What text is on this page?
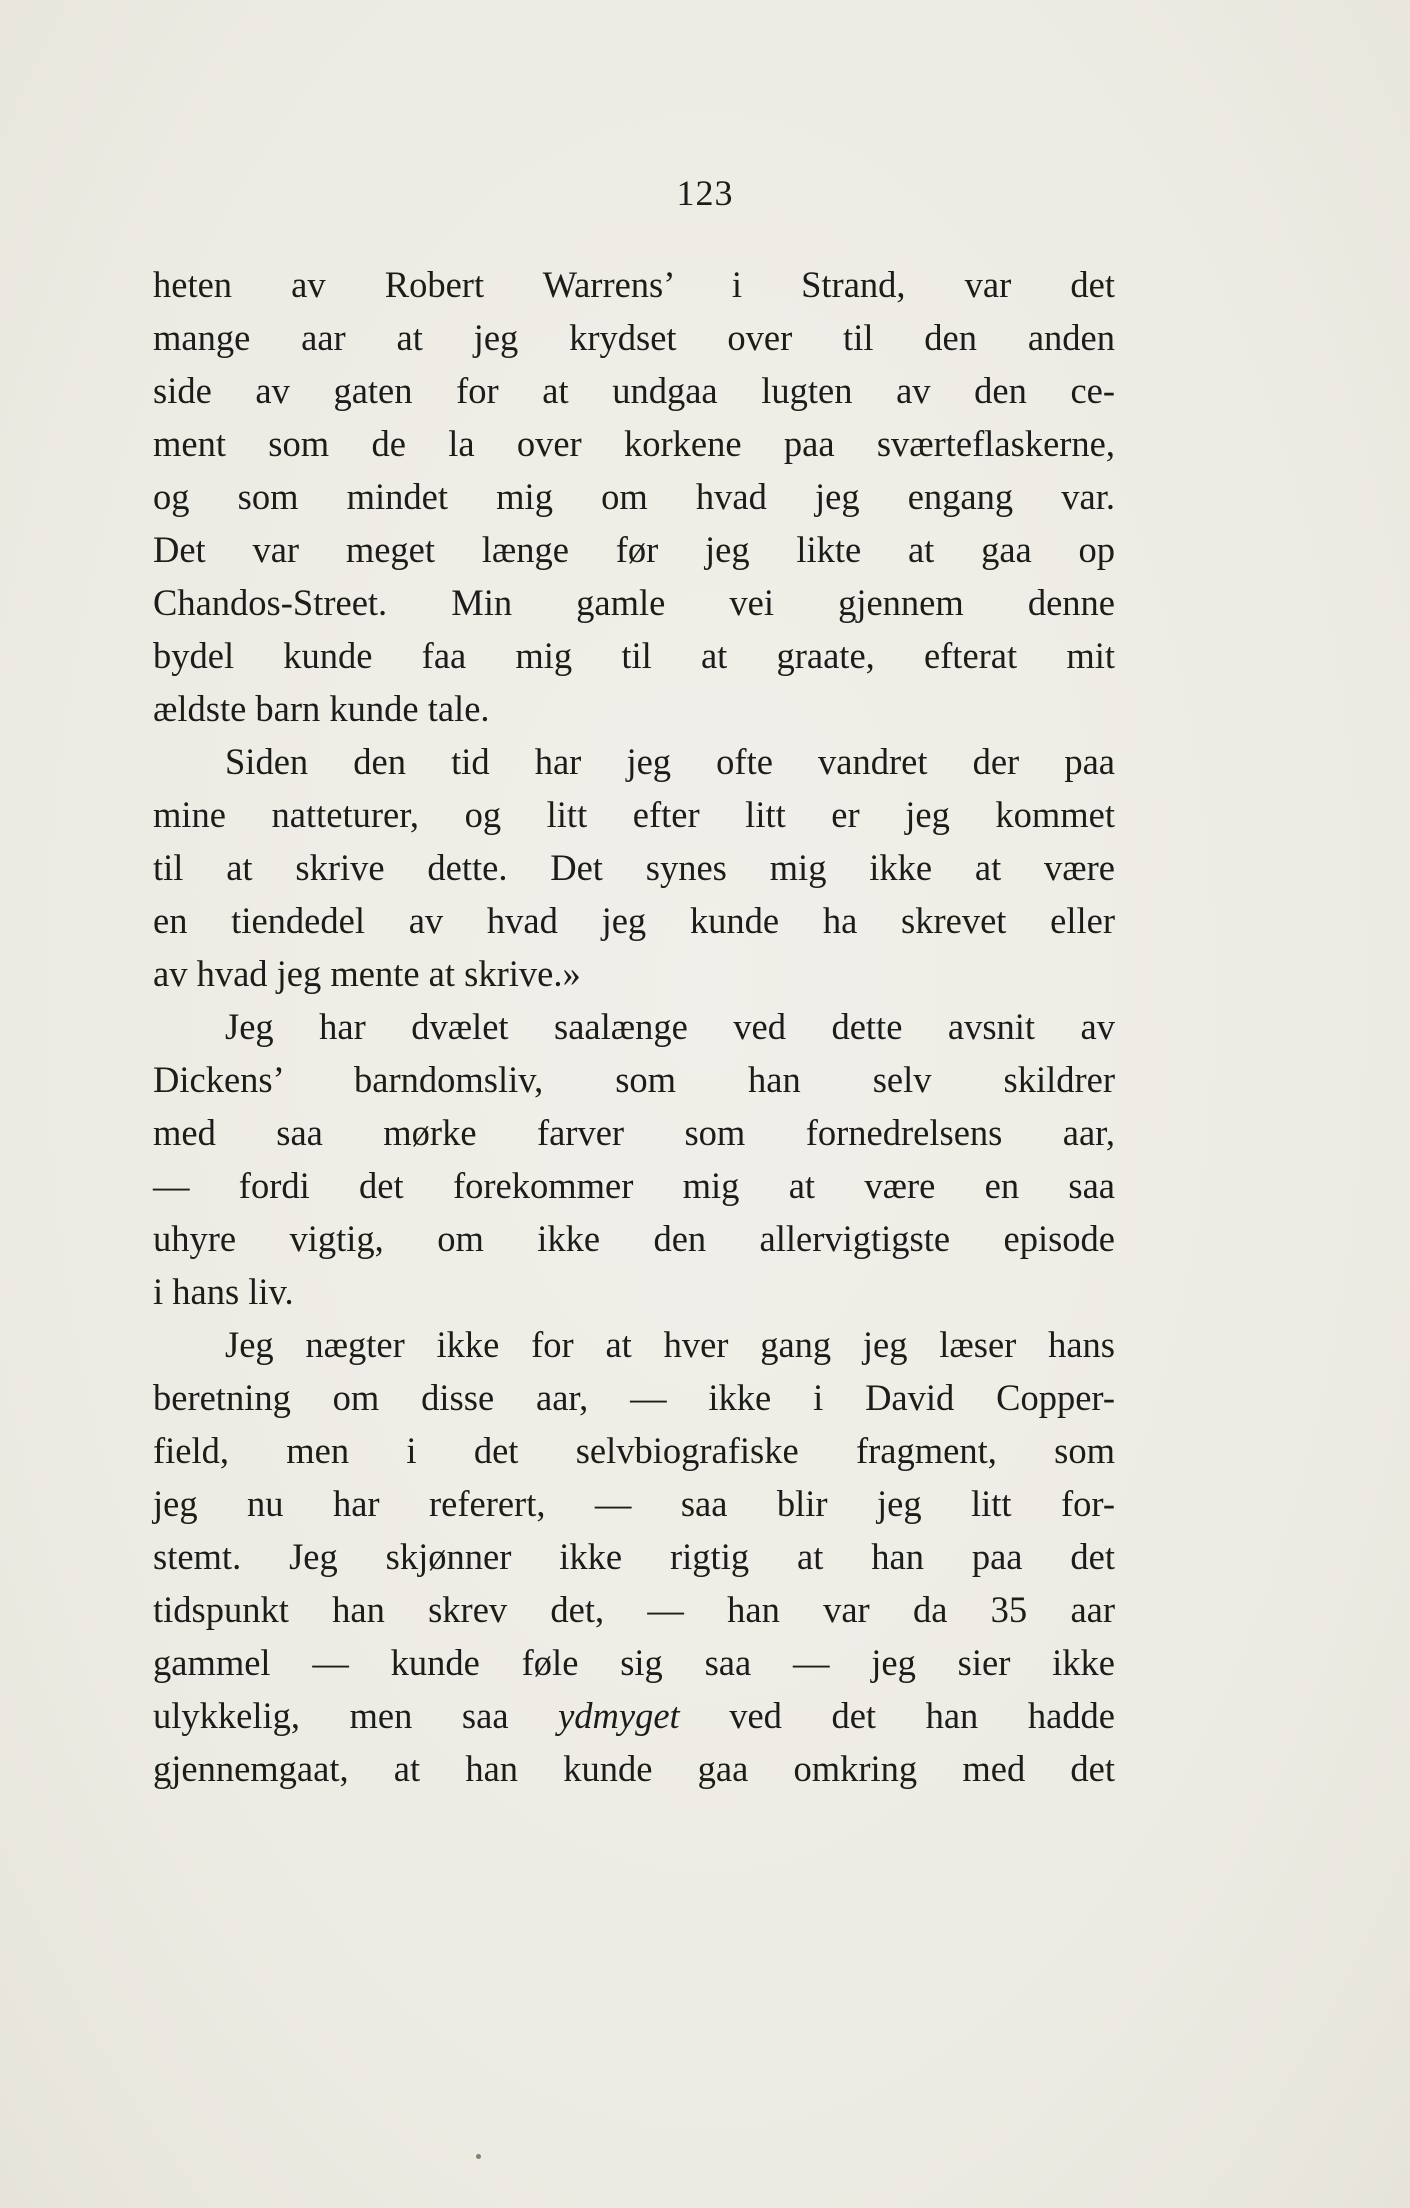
123
heten av Robert Warrens’ i Strand, var det
mange aar at jeg krydset over til den anden
side av gaten for at undgaa lugten av den ce-
ment som de la over korkene paa sværteflaskerne,
og som mindet mig om hvad jeg engang var.
Det var meget længe før jeg likte at gaa op
Chandos-Street. Min gamle vei gjennem denne
bydel kunde faa mig til at graate, efterat mit
ældste barn kunde tale.
Siden den tid har jeg ofte vandret der paa
mine natteturer, og litt efter litt er jeg kommet
til at skrive dette. Det synes mig ikke at være
en tiendedel av hvad jeg kunde ha skrevet eller
av hvad jeg mente at skrive.»
Jeg har dvælet saalænge ved dette avsnit av
Dickens’ barndomsliv, som han selv skildrer
med saa mørke farver som fornedrelsens aar,
— fordi det forekommer mig at være en saa
uhyre vigtig, om ikke den allervigtigste episode
i hans liv.
Jeg nægter ikke for at hver gang jeg læser hans
beretning om disse aar, — ikke i David Copper-
field, men i det selvbiografiske fragment, som
jeg nu har referert, — saa blir jeg litt for-
stemt. Jeg skjønner ikke rigtig at han paa det
tidspunkt han skrev det, — han var da 35 aar
gammel — kunde føle sig saa — jeg sier ikke
ulykkelig, men saa ydmyget ved det han hadde
gjennemgaat, at han kunde gaa omkring med det
